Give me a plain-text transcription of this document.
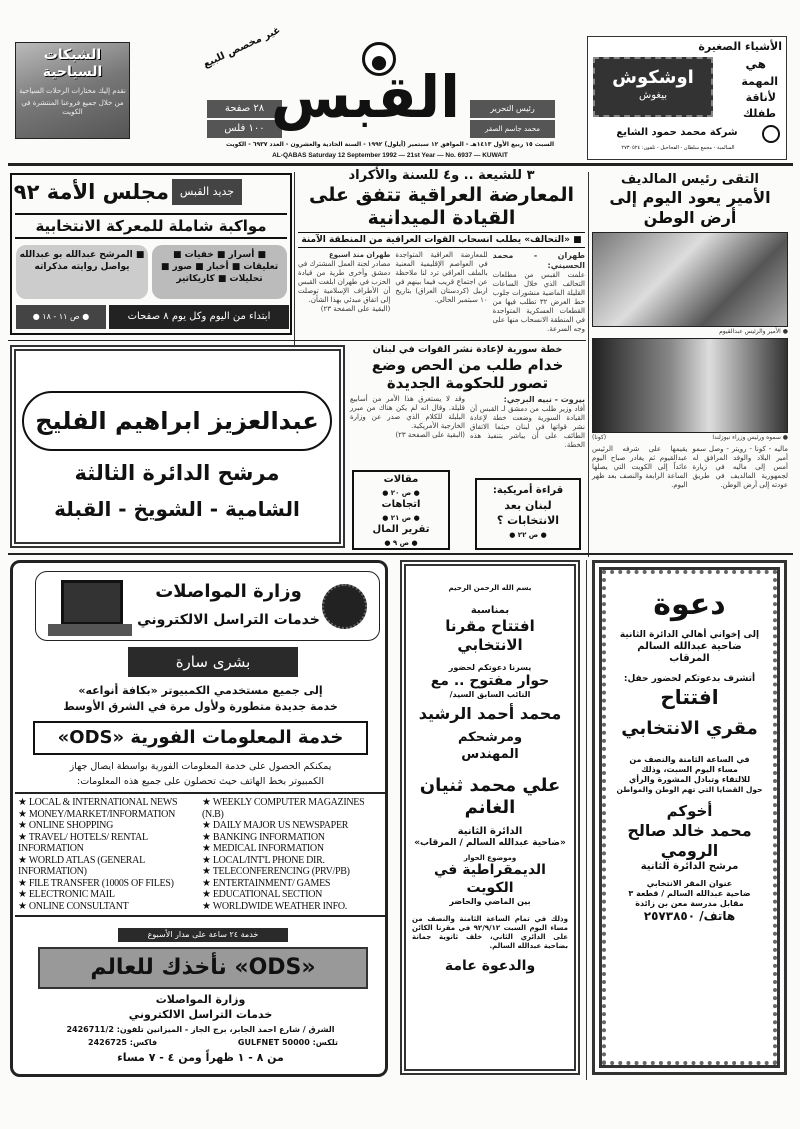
غير مخصص للبيع
الشبكات السياحية
نقدم إليك مختارات الرحلات السياحية
من خلال جميع فروعنا المنتشرة في الكويت	٢٨ صفحة
١٠٠ فلس القبس	رئيس التحرير
محمد جاسم الصقر
السبت ١٥ ربيع الأول ١٤١٣هـ - الموافق ١٢ سبتمبر (أيلول) ١٩٩٢ - السنة الحادية والعشرون - العدد ٦٩٣٧ - الكويت
AL-QABAS Saturday 12 September 1992 — 21st Year — No. 6937 — KUWAIT
الأشياء الصغيرة
هي
المهمة
لأناقة
طفلك
اوشكوش
بيغوش
شركة محمد حمود الشايع
السالمية - مجمع سلطان - الفحاحيل - تلفون: ٢٧٣٠٥٢٤
جديد القبس
مجلس الأمة ٩٢
مواكبة شاملة للمعركة الانتخابية
■ أسرار ■ خفيات ■ تعليقات ■ أخبار ■ صور ■ تحليلات ■ كاريكاتير
■ المرشح عبدالله بو عبدالله يواصل روايته مذكراته
ابتداء من اليوم وكل يوم ٨ صفحات
● ص ١١ - ١٨ ●
٣ للشيعة .. و٤ للسنة والأكراد
المعارضة العراقية تتفق على القيادة الميدانية
■ «التحالف» يطلب انسحاب القوات العراقية من المنطقة الآمنة
طهران - محمد الحسيني:
علمت القبس من مطلعات التحالف الذي خلال الساعات القليلة الماضية منشورات جلوب خط العرض ٣٢ تطلب فيها من القطعات العسكرية المتواجدة في المنطقة الانسحاب منها على وجه السرعة.
للمعارضة العراقية المتواجدة في العواصم الإقليمية المعنية بالملف العراقي ترد لنا ملاحظة عن اجتماع قريب فيما بينهم في اربيل (كردستان العراق) بتاريخ ١٠ سبتمبر الحالي.
طهران منذ اسبوع
مصادر لجنة العمل المشترك في دمشق وأخرى طرية من قيادة الحزب في طهران ابلغت القبس أن الأطراف الإسلامية توصلت إلى اتفاق مبدئي بهذا الشأن.
(البقية على الصفحة ٢٣)
التقى رئيس المالديف
الأمير يعود اليوم إلى أرض الوطن
● الأمير والرئيس عبدالقيوم
(كونا)	● سموه ورئيس وزراء نيوزلندا
ماليه - كونا - رويتر - وصل سمو أمير البلاد والوفد المرافق له أمس إلى ماليه في زيارة لجمهورية المالديف في طريق عودته إلى أرض الوطن.
يقيمها على شرفه الرئيس عبدالقيوم ثم يغادر صباح اليوم عائداً إلى الكويت التي يصلها الساعة الرابعة والنصف بعد ظهر اليوم.
عبدالعزيز ابراهيم الفليج
مرشح الدائرة الثالثة
الشامية - الشويخ - القبلة
خطة سورية لإعادة نشر القوات في لبنان
خدام طلب من الحص وضع تصور للحكومة الجديدة
بيروت - نبيه البرجي:
أفاد وزير طلب من دمشق لـ القبس أن القيادة السورية وضعت خطة لإعادة نشر قواتها في لبنان حيثما الاتفاق الطائف على أن يباشر بتنفيذ هذه الخطة.
وقد لا يستغرق هذا الأمر من أسابيع قليلة. وقال انه لم يكن هناك من مبرر البلبلة للكلام الذي صدر عن وزارة الخارجية الأمريكية.
(البقية على الصفحة ٢٣)
مقالات
● ص ٢٠ ●
اتجاهات
● ص ٢١ ●
تقرير المال
● ص ٩ ●
قراءة أمريكية:
لبنان بعد
الانتخابات ؟
● ص ٢٢ ●
وزارة المواصلات
خدمات التراسل الالكتروني
بشرى سارة
إلى جميع مستخدمي الكمبيوتر «بكافة أنواعه»
خدمة جديدة متطورة ولأول مرة في الشرق الأوسط
خدمة المعلومات الفورية «ODS»
يمكنكم الحصول على خدمة المعلومات الفورية بواسطة ايصال جهاز
الكمبيوتر بخط الهاتف حيث تحصلون على جميع هذه المعلومات:
★ LOCAL & INTERNATIONAL NEWS
★ MONEY/MARKET/INFORMATION
★ ONLINE SHOPPING
★ TRAVEL/ HOTELS/ RENTAL INFORMATION
★ WORLD ATLAS (GENERAL INFORMATION)
★ FILE TRANSFER (1000S OF FILES)
★ ELECTRONIC MAIL
★ ONLINE CONSULTANT
★ WEEKLY COMPUTER MAGAZINES (N.B)
★ DAILY MAJOR US NEWSPAPER
★ BANKING INFORMATION
★ MEDICAL INFORMATION
★ LOCAL/INT'L PHONE DIR.
★ TELECONFERENCING (PRV/PB)
★ ENTERTAINMENT/ GAMES
★ EDUCATIONAL SECTION
★ WORLDWIDE WEATHER INFO.
خدمة ٢٤ ساعة على مدار الأسبوع
«ODS» نأخذك للعالم
وزارة المواصلات
خدمات التراسل الالكتروني
الشرق / شارع احمد الجابر، برج الجاز - الميزانين تلفون: 2426711/2
تلكس: GULFNET 50000
فاكس: 2426725
من ٨ - ١ ظهراً ومن ٤ - ٧ مساء
بسم الله الرحمن الرحيم
بمناسبة
افتتاح مقرنا الانتخابي
يسرنا دعوتكم لحضور
حوار مفتوح .. مع
النائب السابق السيد/
محمد أحمد الرشيد
ومرشحكم
المهندس
علي محمد ثنيان الغانم
الدائرة الثانية
«ضاحية عبدالله السالم / المرقاب»
وموضوع الحوار
الديمقراطية في الكويت
بين الماضي والحاضر
وذلك في تمام الساعة الثامنة والنصف من مساء اليوم السبت ٩٢/٩/١٢ في مقرنا الكائن على الدائري الثاني، خلف ثانوية جمانة بضاحية عبدالله السالم.
والدعوة عامة
دعوة
إلى إخواني أهالي الدائرة الثانية
ضاحية عبدالله السالم
المرقاب
أتشرف بدعوتكم لحضور حفل:
افتتاح
مقري الانتخابي
في الساعة الثامنة والنصف من
مساء اليوم السبت، وذلك
للالتقاء وتبادل المشورة والرأي
حول القضايا التي تهم الوطن والمواطن
أخوكم
محمد خالد صالح الرومي
مرشح الدائرة الثانية
عنوان المقر الانتخابي
ضاحية عبدالله السالم / قطعة ٣
مقابل مدرسة معن بن زائدة
هاتف/ ٢٥٧٣٨٥٠
